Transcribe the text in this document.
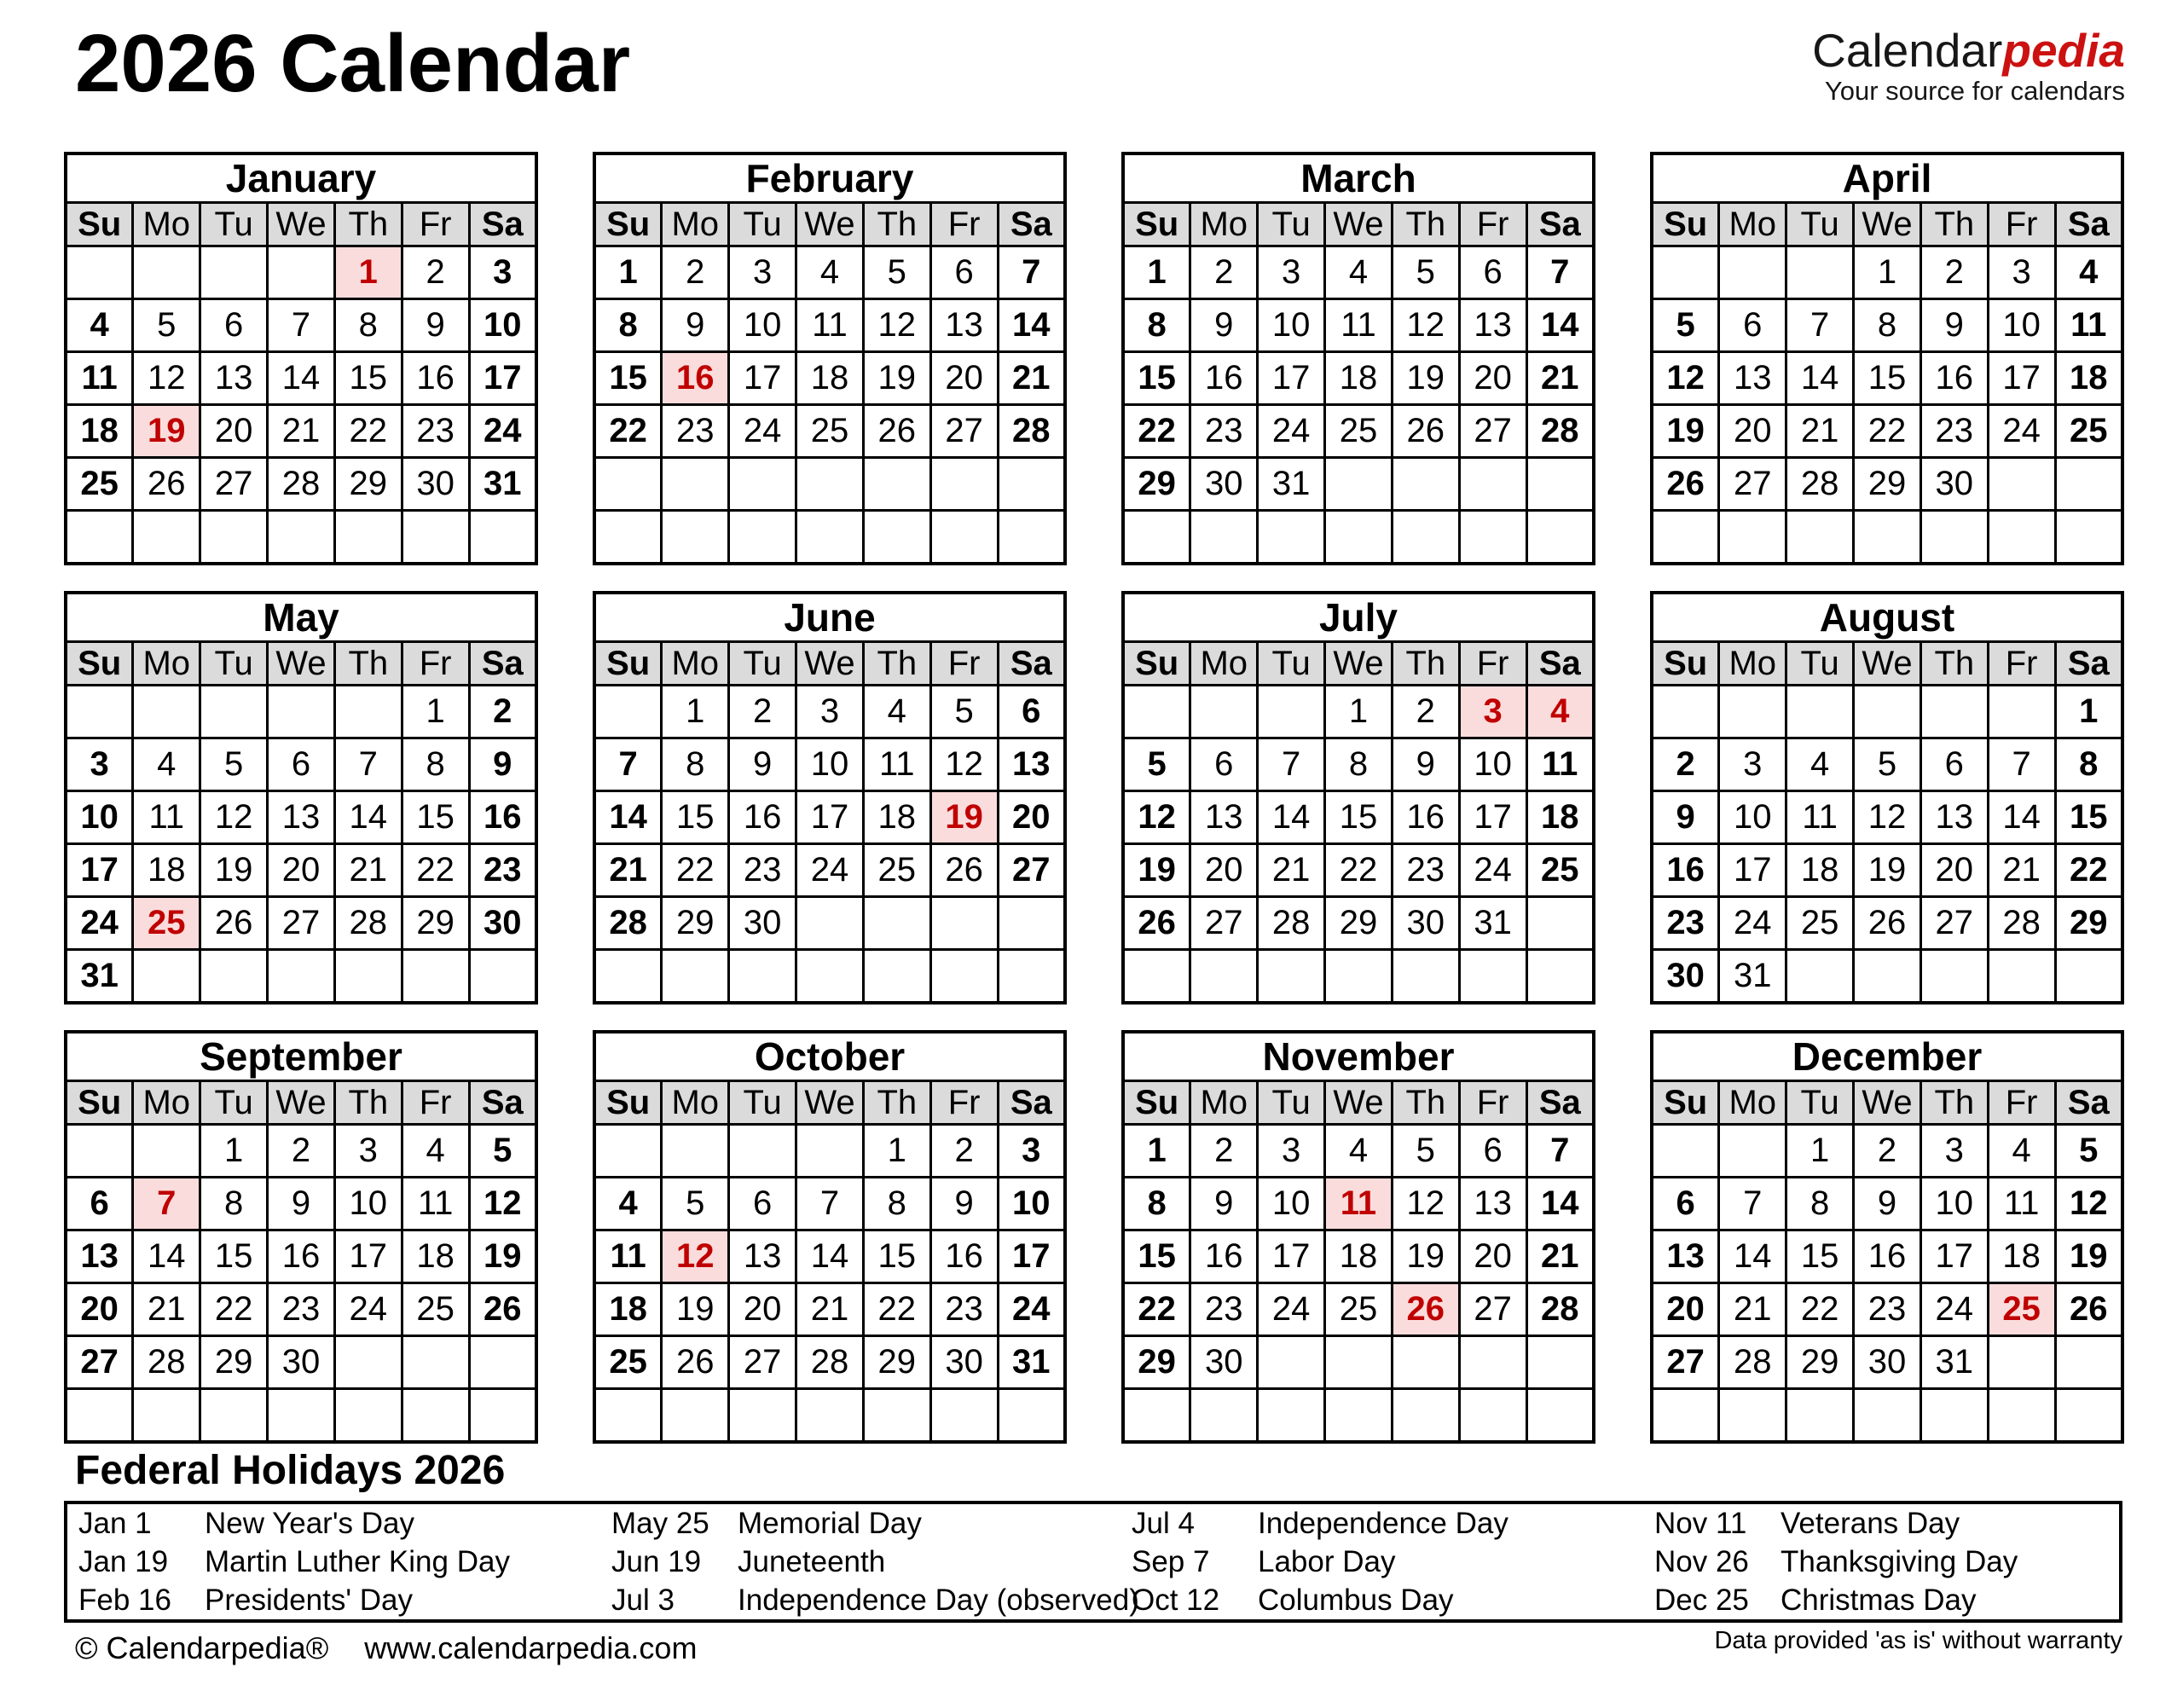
2026 Calendar	Calendarpedia
Your source for calendars
January						
Su	Mo	Tu	We	Th	Fr	Sa
				1	2	3
4	5	6	7	8	9	10
11	12	13	14	15	16	17
18	19	20	21	22	23	24
25	26	27	28	29	30	31

February						
Su	Mo	Tu	We	Th	Fr	Sa
1	2	3	4	5	6	7
8	9	10	11	12	13	14
15	16	17	18	19	20	21
22	23	24	25	26	27	28

March						
Su	Mo	Tu	We	Th	Fr	Sa
1	2	3	4	5	6	7
8	9	10	11	12	13	14
15	16	17	18	19	20	21
22	23	24	25	26	27	28
29	30	31				

April						
Su	Mo	Tu	We	Th	Fr	Sa
			1	2	3	4
5	6	7	8	9	10	11
12	13	14	15	16	17	18
19	20	21	22	23	24	25
26	27	28	29	30		

May						
Su	Mo	Tu	We	Th	Fr	Sa
					1	2
3	4	5	6	7	8	9
10	11	12	13	14	15	16
17	18	19	20	21	22	23
24	25	26	27	28	29	30
31						
June						
Su	Mo	Tu	We	Th	Fr	Sa
	1	2	3	4	5	6
7	8	9	10	11	12	13
14	15	16	17	18	19	20
21	22	23	24	25	26	27
28	29	30				

July						
Su	Mo	Tu	We	Th	Fr	Sa
			1	2	3	4
5	6	7	8	9	10	11
12	13	14	15	16	17	18
19	20	21	22	23	24	25
26	27	28	29	30	31	

August						
Su	Mo	Tu	We	Th	Fr	Sa
						1
2	3	4	5	6	7	8
9	10	11	12	13	14	15
16	17	18	19	20	21	22
23	24	25	26	27	28	29
30	31					
September						
Su	Mo	Tu	We	Th	Fr	Sa
		1	2	3	4	5
6	7	8	9	10	11	12
13	14	15	16	17	18	19
20	21	22	23	24	25	26
27	28	29	30			

October						
Su	Mo	Tu	We	Th	Fr	Sa
				1	2	3
4	5	6	7	8	9	10
11	12	13	14	15	16	17
18	19	20	21	22	23	24
25	26	27	28	29	30	31

November						
Su	Mo	Tu	We	Th	Fr	Sa
1	2	3	4	5	6	7
8	9	10	11	12	13	14
15	16	17	18	19	20	21
22	23	24	25	26	27	28
29	30					

December						
Su	Mo	Tu	We	Th	Fr	Sa
		1	2	3	4	5
6	7	8	9	10	11	12
13	14	15	16	17	18	19
20	21	22	23	24	25	26
27	28	29	30	31		

Federal Holidays 2026
Jan 1	New Year's Day
Jan 19	Martin Luther King Day
Feb 16	Presidents' Day
May 25 Memorial Day
Jun 19	Juneteenth
Jul 3	Independence Day (observed)
Jul 4	Independence Day
Sep 7	Labor Day
Oct 12	Columbus Day
Nov 11	Veterans Day
Nov 26	Thanksgiving Day
Dec 25	Christmas Day
© Calendarpedia® www.calendarpedia.com	Data provided 'as is' without warranty
